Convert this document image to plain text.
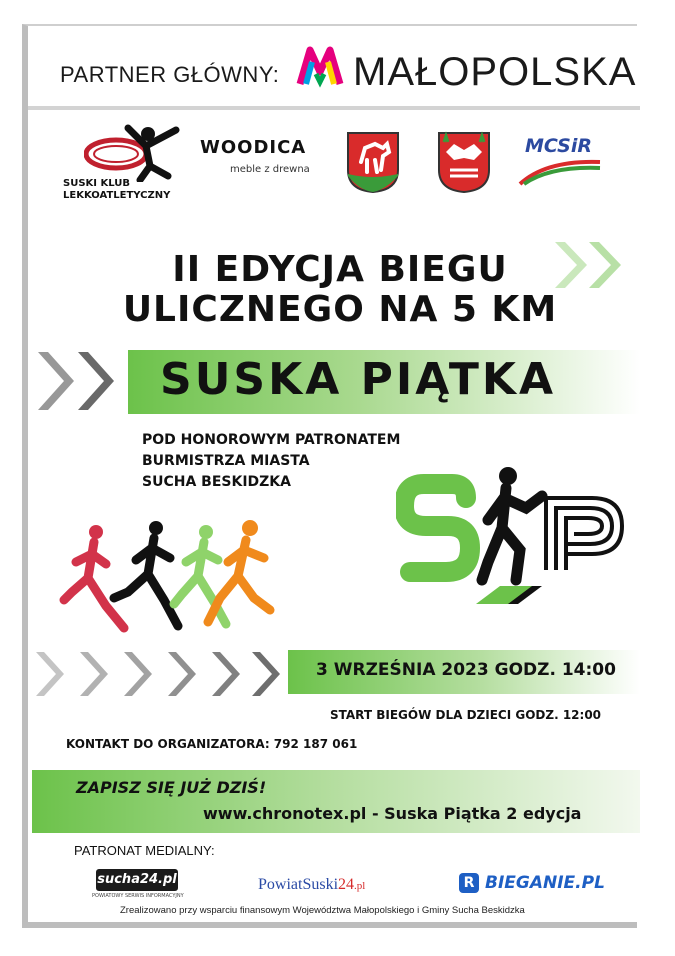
PARTNER GŁÓWNY: MAŁOPOLSKA
SUSKI KLUB LEKKOATLETYCZNY
WOODICA
meble z drewna
MCSiR
II EDYCJA BIEGU
ULICZNEGO NA 5 KM
SUSKA PIĄTKA
POD HONOROWYM PATRONATEM
BURMISTRZA MIASTA
SUCHA BESKIDZKA
3 WRZEŚNIA 2023 GODZ. 14:00
START BIEGÓW DLA DZIECI GODZ. 12:00
KONTAKT DO ORGANIZATORA: 792 187 061
ZAPISZ SIĘ JUŻ DZIŚ!
www.chronotex.pl - Suska Piątka 2 edycja
PATRONAT MEDIALNY:
sucha24.pl
POWIATOWY SERWIS INFORMACYJNY
PowiatSuski24.pl	R BIEGANIE.PL
Zrealizowano przy wsparciu finansowym Województwa Małopolskiego i Gminy Sucha Beskidzka
